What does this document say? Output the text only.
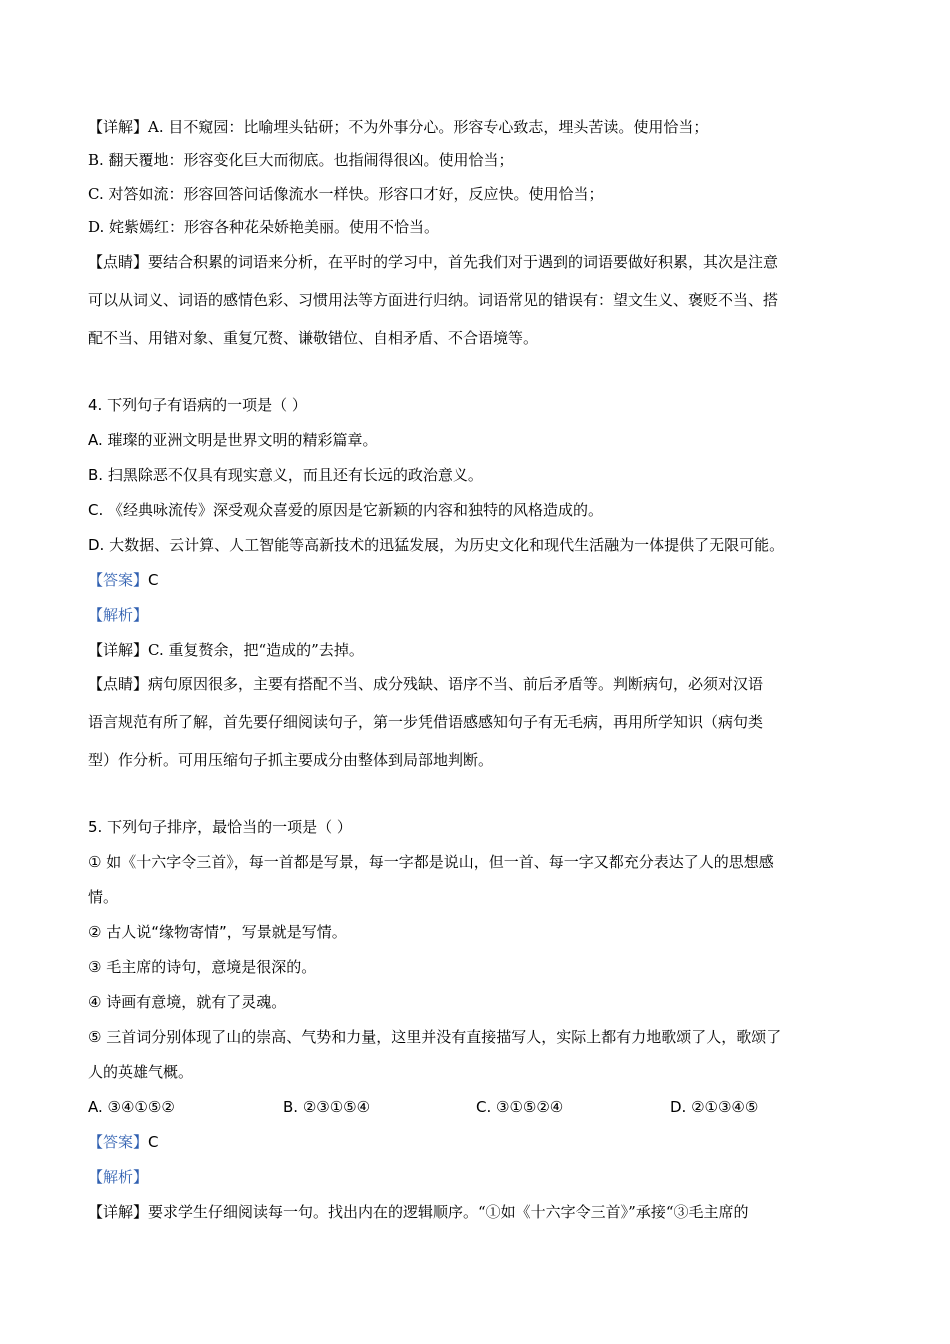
【详解】A. 目不窥园：比喻埋头钻研；不为外事分心。形容专心致志，埋头苦读。使用恰当；
B. 翻天覆地：形容变化巨大而彻底。也指闹得很凶。使用恰当；
C. 对答如流：形容回答问话像流水一样快。形容口才好，反应快。使用恰当；
D. 姹紫嫣红：形容各种花朵娇艳美丽。使用不恰当。
【点睛】要结合积累的词语来分析，在平时的学习中，首先我们对于遇到的词语要做好积累，其次是注意
可以从词义、词语的感情色彩、习惯用法等方面进行归纳。词语常见的错误有：望文生义、褒贬不当、搭
配不当、用错对象、重复冗赘、谦敬错位、自相矛盾、不合语境等。
4. 下列句子有语病的一项是（ ）
A. 璀璨的亚洲文明是世界文明的精彩篇章。
B. 扫黑除恶不仅具有现实意义，而且还有长远的政治意义。
C. 《经典咏流传》深受观众喜爱的原因是它新颖的内容和独特的风格造成的。
D. 大数据、云计算、人工智能等高新技术的迅猛发展，为历史文化和现代生活融为一体提供了无限可能。
【答案】C
【解析】
【详解】C. 重复赘余，把“造成的”去掉。
【点睛】病句原因很多，主要有搭配不当、成分残缺、语序不当、前后矛盾等。判断病句，必须对汉语
语言规范有所了解，首先要仔细阅读句子，第一步凭借语感感知句子有无毛病，再用所学知识（病句类
型）作分析。可用压缩句子抓主要成分由整体到局部地判断。
5. 下列句子排序，最恰当的一项是（ ）
① 如《十六字令三首》，每一首都是写景，每一字都是说山，但一首、每一字又都充分表达了人的思想感
情。
② 古人说“缘物寄情”，写景就是写情。
③ 毛主席的诗句，意境是很深的。
④ 诗画有意境，就有了灵魂。
⑤ 三首词分别体现了山的崇高、气势和力量，这里并没有直接描写人，实际上都有力地歌颂了人，歌颂了
人的英雄气概。
A. ③④①⑤②	B. ②③①⑤④	C. ③①⑤②④	D. ②①③④⑤
【答案】C
【解析】
【详解】要求学生仔细阅读每一句。找出内在的逻辑顺序。“①如《十六字令三首》”承接“③毛主席的
